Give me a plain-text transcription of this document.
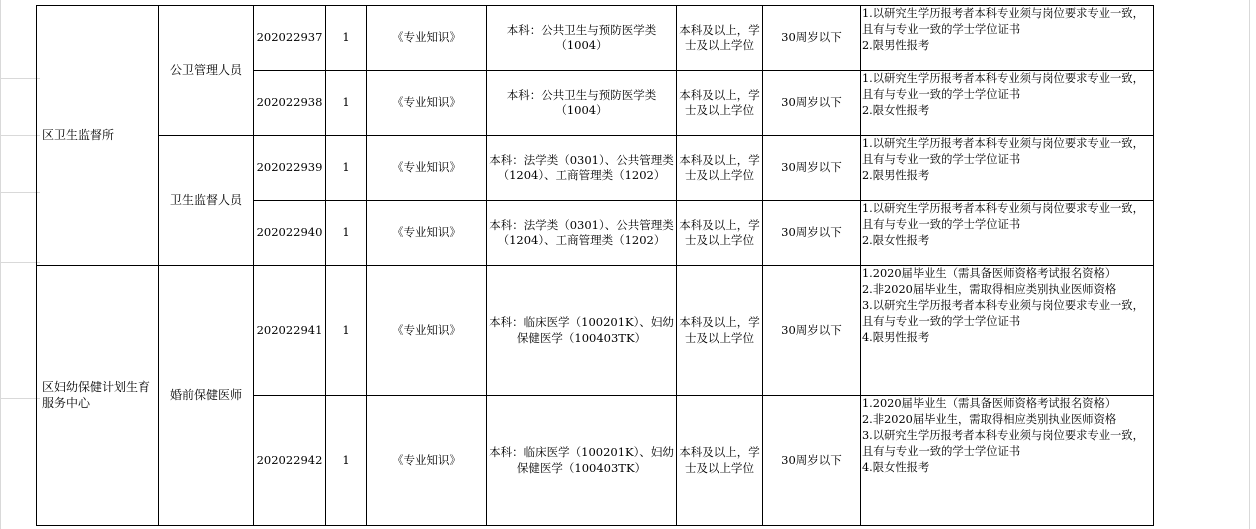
区卫生监督所	公卫管理人员	202022937	1	《专业知识》	本科：公共卫生与预防医学类（1004）	本科及以上，学士及以上学位	30周岁以下	1.以研究生学历报考者本科专业须与岗位要求专业一致，且有与专业一致的学士学位证书
2.限男性报考

		202022938	1	《专业知识》	本科：公共卫生与预防医学类（1004）	本科及以上，学士及以上学位	30周岁以下	1.以研究生学历报考者本科专业须与岗位要求专业一致，且有与专业一致的学士学位证书
2.限女性报考

	卫生监督人员	202022939	1	《专业知识》	本科：法学类（0301）、公共管理类（1204）、工商管理类（1202）	本科及以上，学士及以上学位	30周岁以下	1.以研究生学历报考者本科专业须与岗位要求专业一致，且有与专业一致的学士学位证书
2.限男性报考

		202022940	1	《专业知识》	本科：法学类（0301）、公共管理类（1204）、工商管理类（1202）	本科及以上，学士及以上学位	30周岁以下	1.以研究生学历报考者本科专业须与岗位要求专业一致，且有与专业一致的学士学位证书
2.限女性报考

区妇幼保健计划生育服务中心	婚前保健医师	202022941	1	《专业知识》	本科：临床医学（100201K）、妇幼保健医学（100403TK）	本科及以上，学士及以上学位	30周岁以下	1.2020届毕业生（需具备医师资格考试报名资格）
2.非2020届毕业生，需取得相应类别执业医师资格
3.以研究生学历报考者本科专业须与岗位要求专业一致，且有与专业一致的学士学位证书
4.限男性报考

		202022942	1	《专业知识》	本科：临床医学（100201K）、妇幼保健医学（100403TK）	本科及以上，学士及以上学位	30周岁以下	1.2020届毕业生（需具备医师资格考试报名资格）
2.非2020届毕业生，需取得相应类别执业医师资格
3.以研究生学历报考者本科专业须与岗位要求专业一致，且有与专业一致的学士学位证书
4.限女性报考
